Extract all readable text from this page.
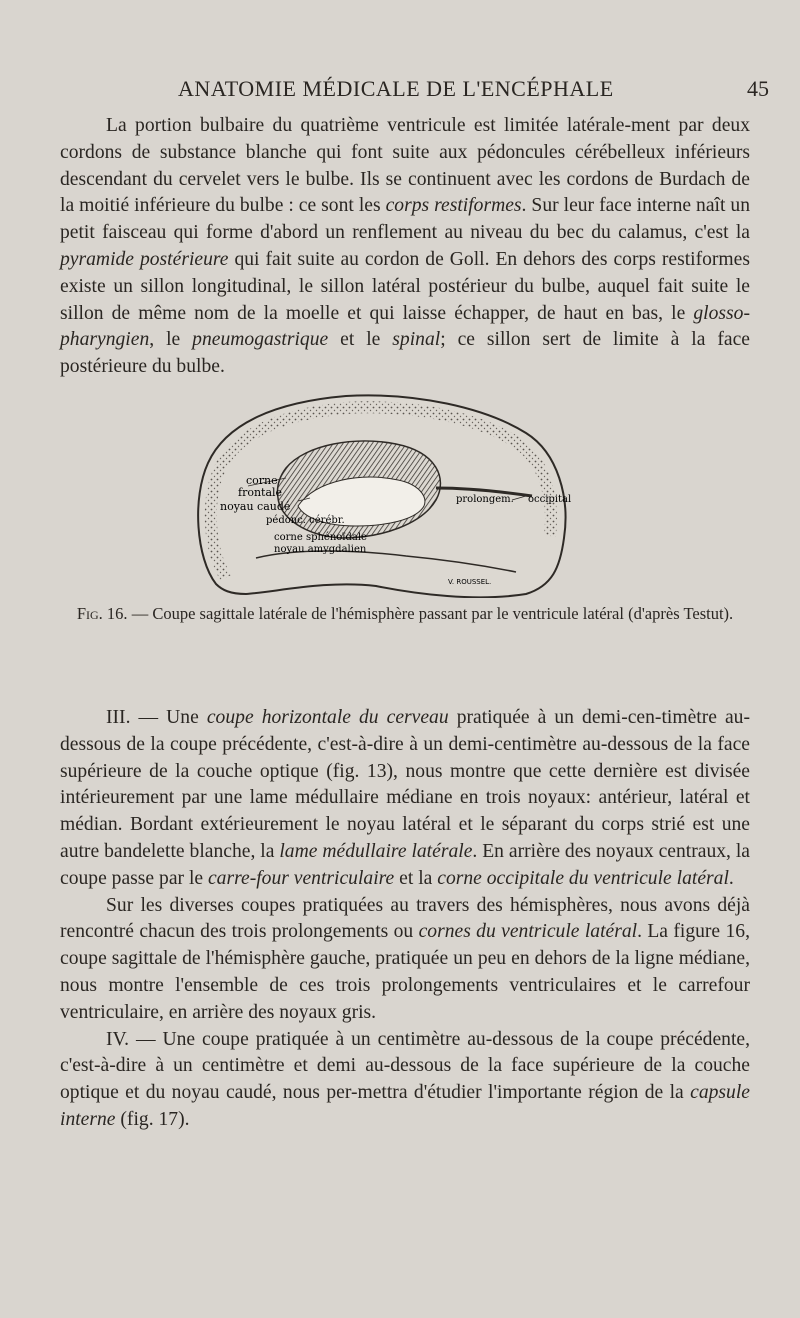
ANATOMIE MÉDICALE DE L'ENCÉPHALE	45

La portion bulbaire du quatrième ventricule est limitée latérale-ment par deux cordons de substance blanche qui font suite aux pédoncules cérébelleux inférieurs descendant du cervelet vers le bulbe. Ils se continuent avec les cordons de Burdach de la moitié inférieure du bulbe : ce sont les corps restiformes. Sur leur face interne naît un petit faisceau qui forme d'abord un renflement au niveau du bec du calamus, c'est la pyramide postérieure qui fait suite au cordon de Goll. En dehors des corps restiformes existe un sillon longitudinal, le sillon latéral postérieur du bulbe, auquel fait suite le sillon de même nom de la moelle et qui laisse échapper, de haut en bas, le glosso-pharyngien, le pneumogastrique et le spinal; ce sillon sert de limite à la face postérieure du bulbe.

corne
frontale
noyau caudé
pédonc. cérébr.
corne sphénoïdale
noyau amygdalien
prolongem. occipital
V. ROUSSEL.
Fig. 16. — Coupe sagittale latérale de l'hémisphère passant par le ventricule latéral (d'après Testut).

III. — Une coupe horizontale du cerveau pratiquée à un demi-cen-timètre au-dessous de la coupe précédente, c'est-à-dire à un demi-centimètre au-dessous de la face supérieure de la couche optique (fig. 13), nous montre que cette dernière est divisée intérieurement par une lame médullaire médiane en trois noyaux: antérieur, latéral et médian. Bordant extérieurement le noyau latéral et le séparant du corps strié est une autre bandelette blanche, la lame médullaire latérale. En arrière des noyaux centraux, la coupe passe par le carre-four ventriculaire et la corne occipitale du ventricule latéral.

Sur les diverses coupes pratiquées au travers des hémisphères, nous avons déjà rencontré chacun des trois prolongements ou cornes du ventricule latéral. La figure 16, coupe sagittale de l'hémisphère gauche, pratiquée un peu en dehors de la ligne médiane, nous montre l'ensemble de ces trois prolongements ventriculaires et le carrefour ventriculaire, en arrière des noyaux gris.

IV. — Une coupe pratiquée à un centimètre au-dessous de la coupe précédente, c'est-à-dire à un centimètre et demi au-dessous de la face supérieure de la couche optique et du noyau caudé, nous per-mettra d'étudier l'importante région de la capsule interne (fig. 17).
